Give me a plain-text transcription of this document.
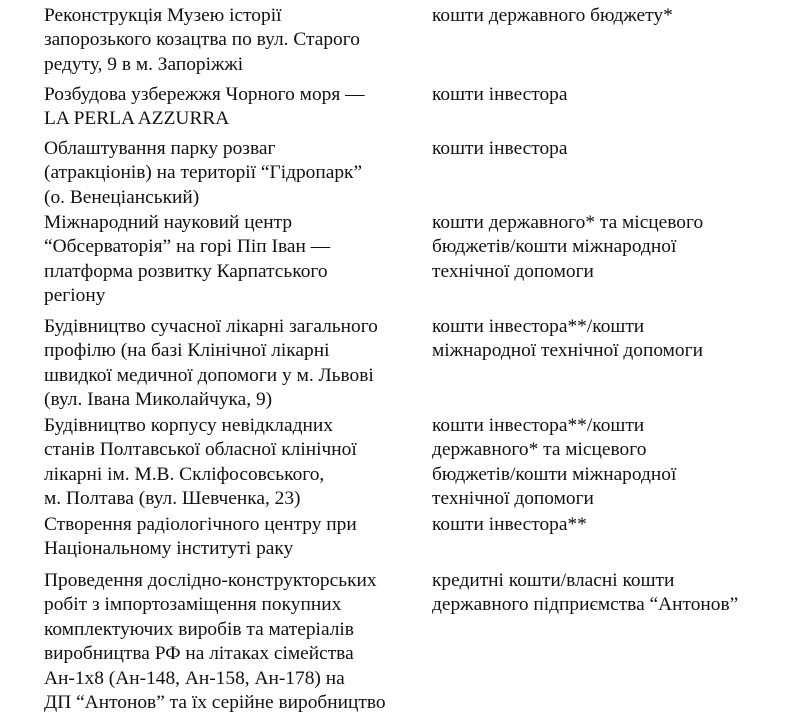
Реконструкція Музею історії
запорозького козацтва по вул. Старого
редуту, 9 в м. Запоріжжі
кошти державного бюджету*
Розбудова узбережжя Чорного моря —
LA PERLA AZZURRA
кошти інвестора
Облаштування парку розваг
(атракціонів) на території “Гідропарк”
(о. Венеціанський)
кошти інвестора
Міжнародний науковий центр
“Обсерваторія” на горі Піп Іван —
платформа розвитку Карпатського
регіону
кошти державного* та місцевого
бюджетів/кошти міжнародної
технічної допомоги
Будівництво сучасної лікарні загального
профілю (на базі Клінічної лікарні
швидкої медичної допомоги у м. Львові
(вул. Івана Миколайчука, 9)
кошти інвестора**/кошти
міжнародної технічної допомоги
Будівництво корпусу невідкладних
станів Полтавської обласної клінічної
лікарні ім. М.В. Скліфосовського,
м. Полтава (вул. Шевченка, 23)
кошти інвестора**/кошти
державного* та місцевого
бюджетів/кошти міжнародної
технічної допомоги
Створення радіологічного центру при
Національному інституті раку
кошти інвестора**
Проведення дослідно-конструкторських
робіт з імпортозаміщення покупних
комплектуючих виробів та матеріалів
виробництва РФ на літаках сімейства
Ан-1х8 (Ан-148, Ан-158, Ан-178) на
ДП “Антонов” та їх серійне виробництво
кредитні кошти/власні кошти
державного підприємства “Антонов”
